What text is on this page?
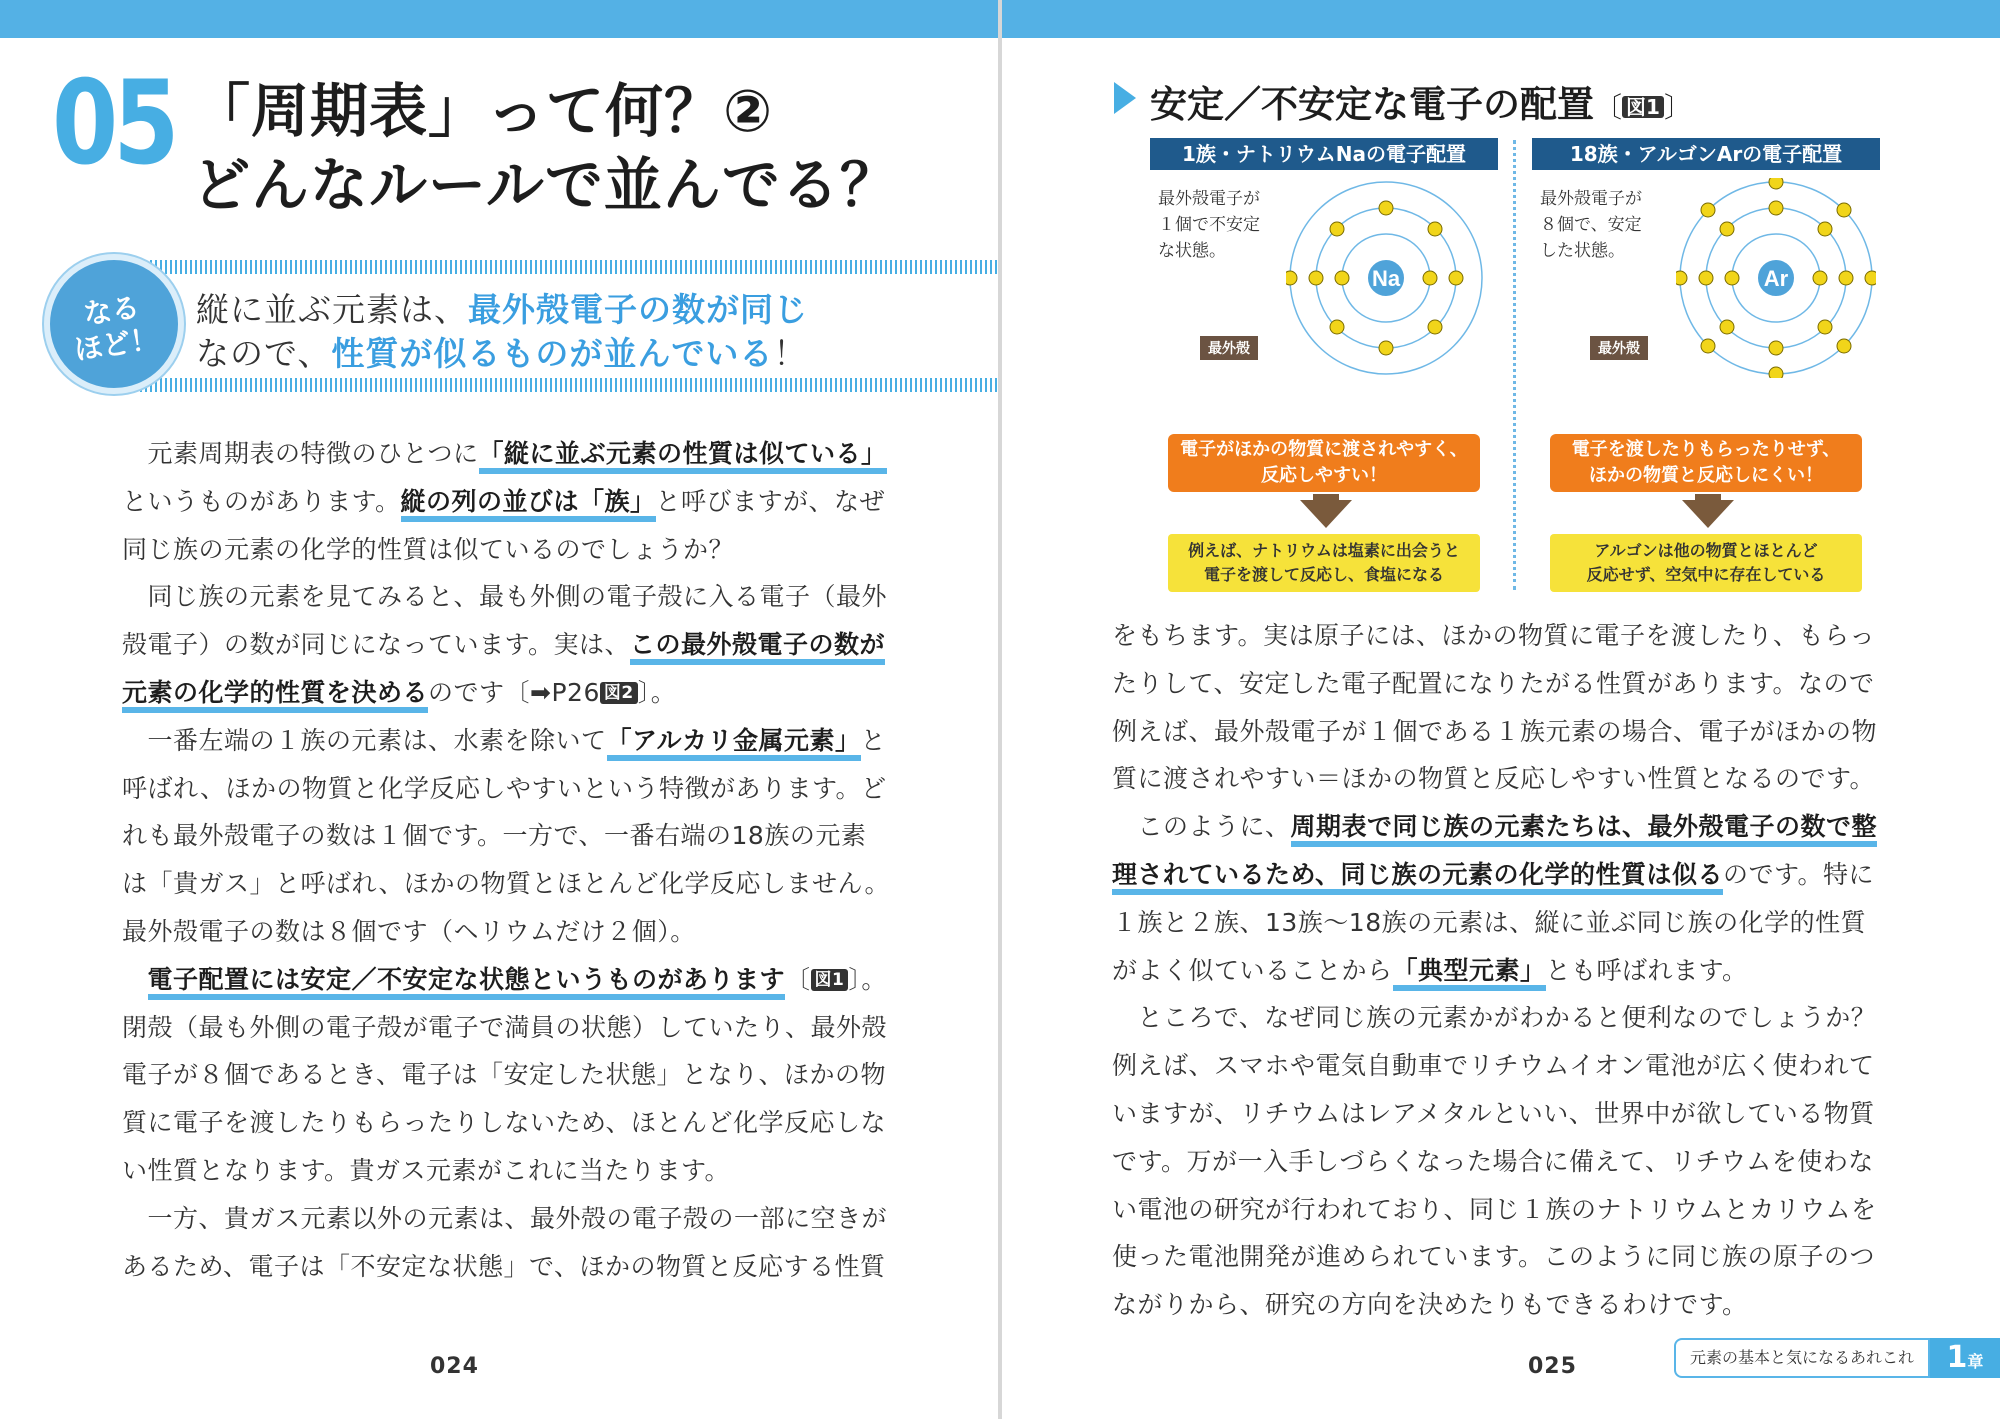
05 「周期表」って何？②
どんなルールで並んでる？
なる
ほど！
縦に並ぶ元素は、最外殻電子の数が同じ
なので、性質が似るものが並んでいる！

　元素周期表の特徴のひとつに「縦に並ぶ元素の性質は似ている」

というものがあります。縦の列の並びは「族」と呼びますが、なぜ

同じ族の元素の化学的性質は似ているのでしょうか？

　同じ族の元素を見てみると、最も外側の電子殻に入る電子（最外

殻電子）の数が同じになっています。実は、この最外殻電子の数が

元素の化学的性質を決めるのです〔➡P26 図2 〕。

　一番左端の１族の元素は、水素を除いて「アルカリ金属元素」と

呼ばれ、ほかの物質と化学反応しやすいという特徴があります。ど

れも最外殻電子の数は１個です。一方で、一番右端の18族の元素

は「貴ガス」と呼ばれ、ほかの物質とほとんど化学反応しません。

最外殻電子の数は８個です（ヘリウムだけ２個）。

　電子配置には安定／不安定な状態というものがあります〔 図1 〕。

閉殻（最も外側の電子殻が電子で満員の状態）していたり、最外殻

電子が８個であるとき、電子は「安定した状態」となり、ほかの物

質に電子を渡したりもらったりしないため、ほとんど化学反応しな

い性質となります。貴ガス元素がこれに当たります。

　一方、貴ガス元素以外の元素は、最外殻の電子殻の一部に空きが

あるため、電子は「不安定な状態」で、ほかの物質と反応する性質

024
安定／不安定な電子の配置〔 図1 〕
1族・ナトリウムNaの電子配置
最外殻電子が
１個で不安定
な状態。
最外殻
Na
電子がほかの物質に渡されやすく、
反応しやすい！
例えば、ナトリウムは塩素に出会うと
電子を渡して反応し、食塩になる
18族・アルゴンArの電子配置
最外殻電子が
８個で、安定
した状態。
最外殻
Ar
電子を渡したりもらったりせず、
ほかの物質と反応しにくい！
アルゴンは他の物質とほとんど
反応せず、空気中に存在している

をもちます。実は原子には、ほかの物質に電子を渡したり、もらっ

たりして、安定した電子配置になりたがる性質があります。なので

例えば、最外殻電子が１個である１族元素の場合、電子がほかの物

質に渡されやすい＝ほかの物質と反応しやすい性質となるのです。

　このように、周期表で同じ族の元素たちは、最外殻電子の数で整

理されているため、同じ族の元素の化学的性質は似るのです。特に

１族と２族、13族～18族の元素は、縦に並ぶ同じ族の化学的性質

がよく似ていることから「典型元素」とも呼ばれます。

　ところで、なぜ同じ族の元素かがわかると便利なのでしょうか？

例えば、スマホや電気自動車でリチウムイオン電池が広く使われて

いますが、リチウムはレアメタルといい、世界中が欲している物質

です。万が一入手しづらくなった場合に備えて、リチウムを使わな

い電池の研究が行われており、同じ１族のナトリウムとカリウムを

使った電池開発が進められています。このように同じ族の原子のつ

ながりから、研究の方向を決めたりもできるわけです。

025	元素の基本と気になるあれこれ	1章
